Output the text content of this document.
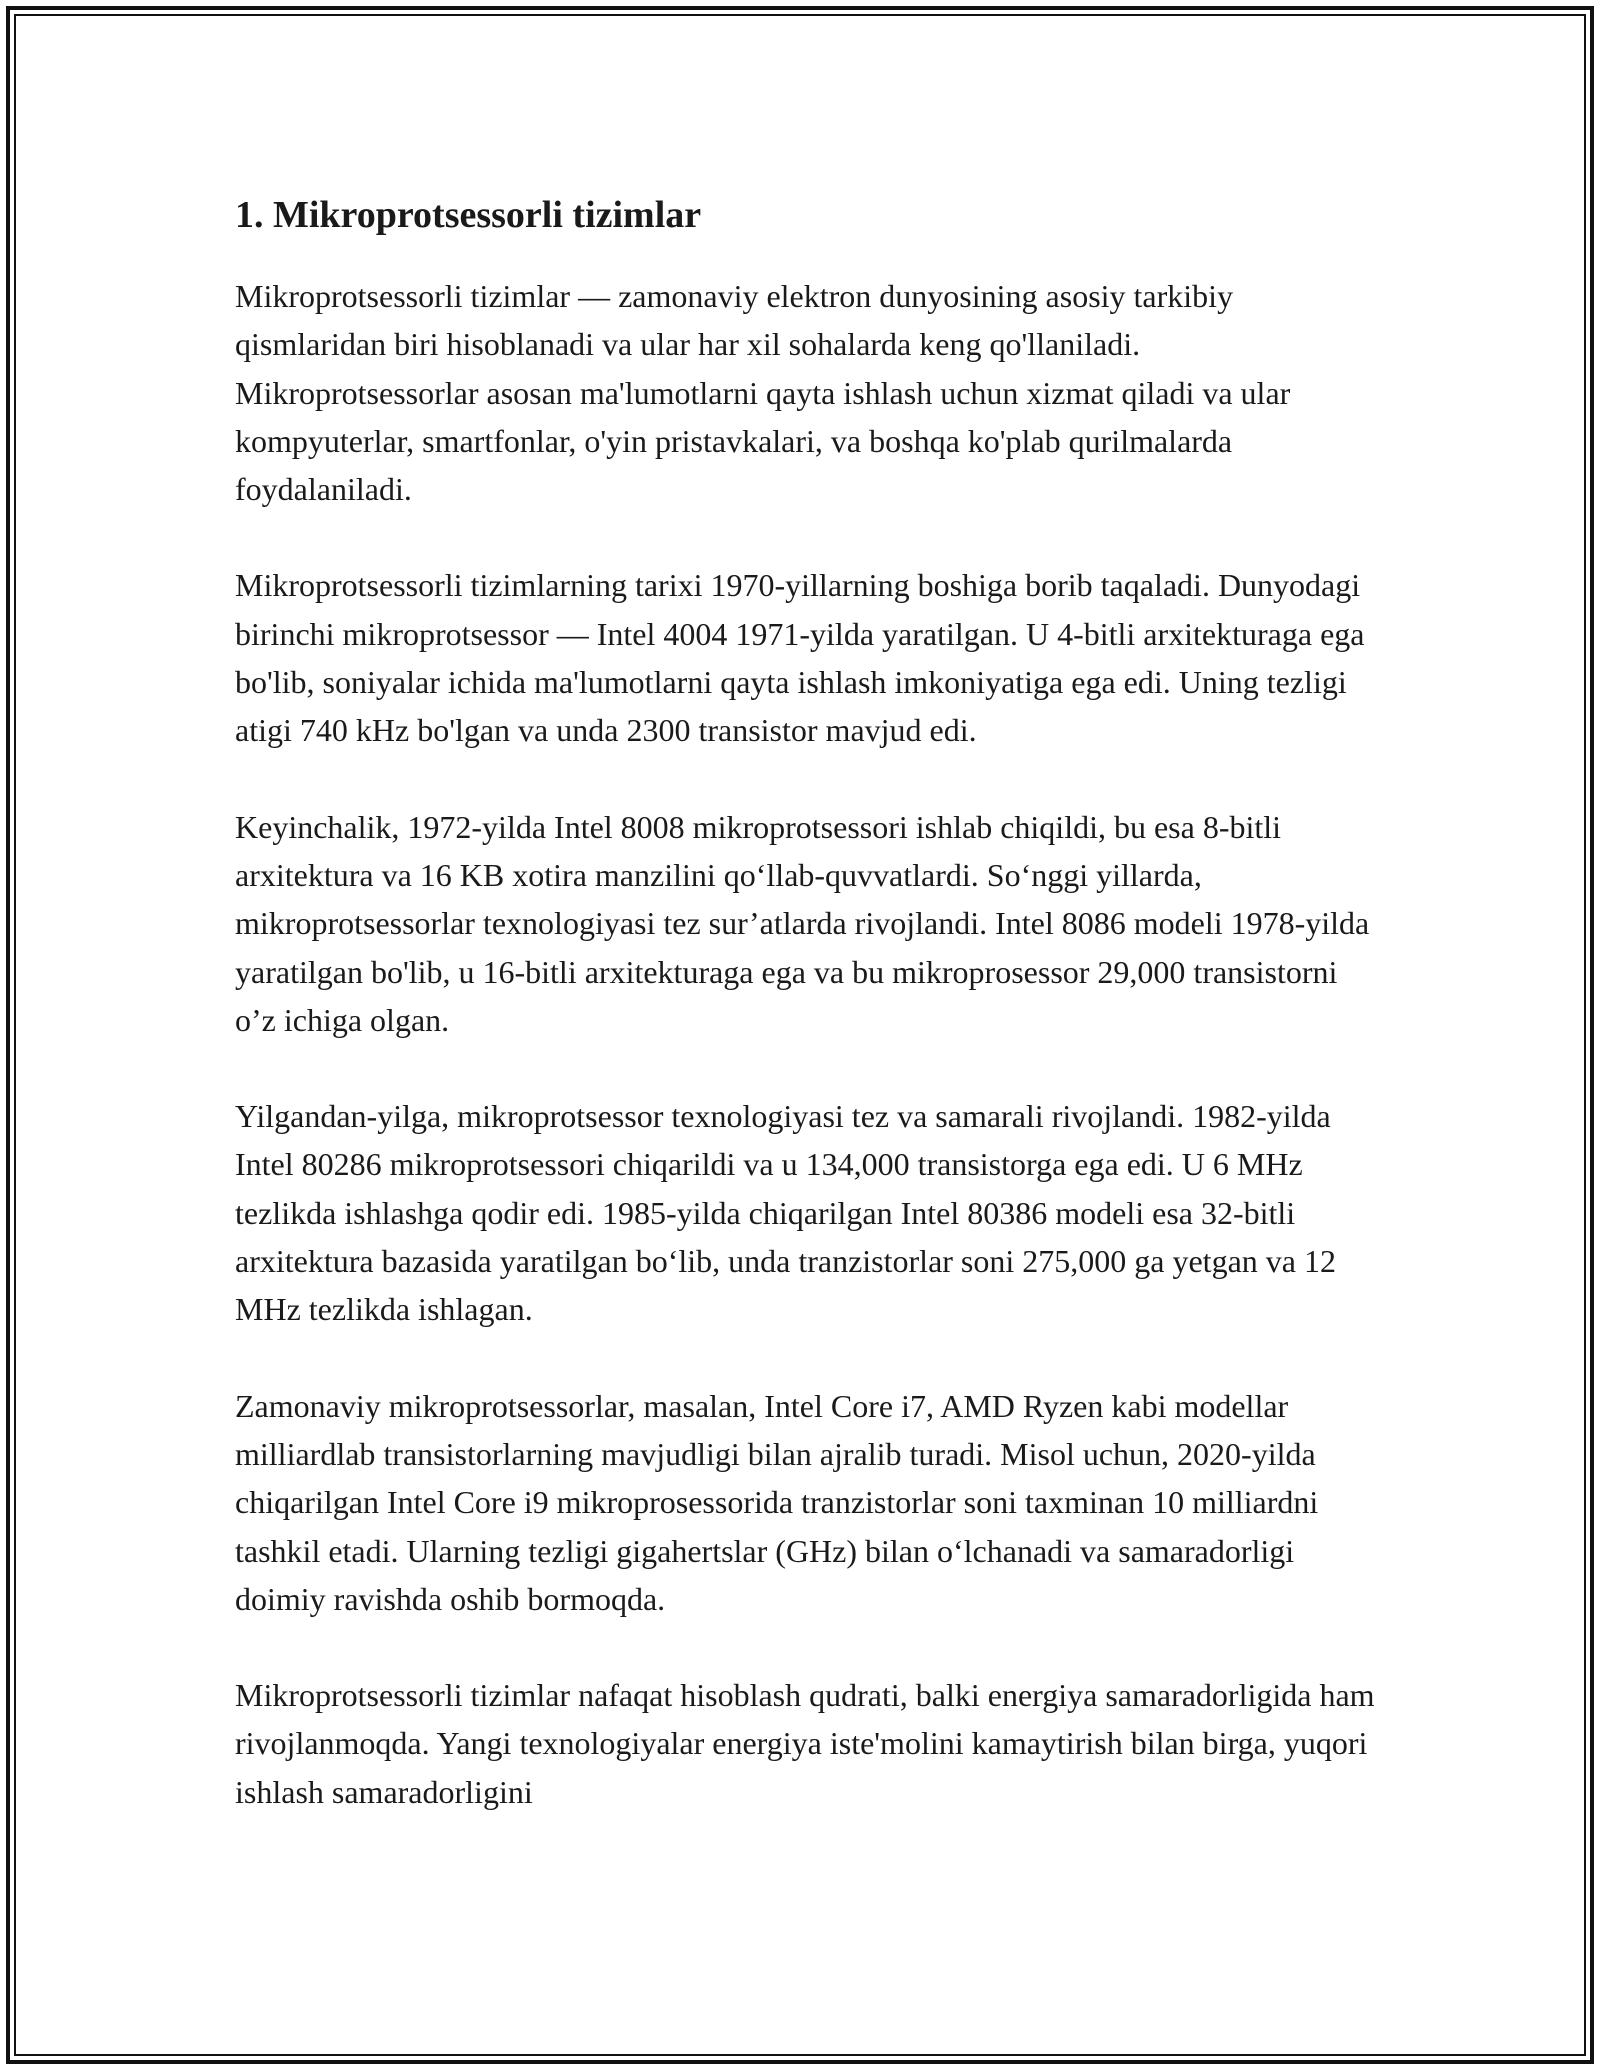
1. Mikroprotsessorli tizimlar

Mikroprotsessorli tizimlar — zamonaviy elektron dunyosining asosiy tarkibiy qismlaridan biri hisoblanadi va ular har xil sohalarda keng qo'llaniladi. Mikroprotsessorlar asosan ma'lumotlarni qayta ishlash uchun xizmat qiladi va ular kompyuterlar, smartfonlar, o'yin pristavkalari, va boshqa ko'plab qurilmalarda foydalaniladi.

Mikroprotsessorli tizimlarning tarixi 1970-yillarning boshiga borib taqaladi. Dunyodagi birinchi mikroprotsessor — Intel 4004 1971-yilda yaratilgan. U 4-bitli arxitekturaga ega bo'lib, soniyalar ichida ma'lumotlarni qayta ishlash imkoniyatiga ega edi. Uning tezligi atigi 740 kHz bo'lgan va unda 2300 transistor mavjud edi.

Keyinchalik, 1972-yilda Intel 8008 mikroprotsessori ishlab chiqildi, bu esa 8-bitli arxitektura va 16 KB xotira manzilini qo‘llab-quvvatlardi. So‘nggi yillarda, mikroprotsessorlar texnologiyasi tez sur’atlarda rivojlandi. Intel 8086 modeli 1978-yilda yaratilgan bo'lib, u 16-bitli arxitekturaga ega va bu mikroprosessor 29,000 transistorni o’z ichiga olgan.

Yilgandan-yilga, mikroprotsessor texnologiyasi tez va samarali rivojlandi. 1982-yilda Intel 80286 mikroprotsessori chiqarildi va u 134,000 transistorga ega edi. U 6 MHz tezlikda ishlashga qodir edi. 1985-yilda chiqarilgan Intel 80386 modeli esa 32-bitli arxitektura bazasida yaratilgan bo‘lib, unda tranzistorlar soni 275,000 ga yetgan va 12 MHz tezlikda ishlagan.

Zamonaviy mikroprotsessorlar, masalan, Intel Core i7, AMD Ryzen kabi modellar milliardlab transistorlarning mavjudligi bilan ajralib turadi. Misol uchun, 2020-yilda chiqarilgan Intel Core i9 mikroprosessorida tranzistorlar soni taxminan 10 milliardni tashkil etadi. Ularning tezligi gigahertslar (GHz) bilan o‘lchanadi va samaradorligi doimiy ravishda oshib bormoqda.

Mikroprotsessorli tizimlar nafaqat hisoblash qudrati, balki energiya samaradorligida ham rivojlanmoqda. Yangi texnologiyalar energiya iste'molini kamaytirish bilan birga, yuqori ishlash samaradorligini
